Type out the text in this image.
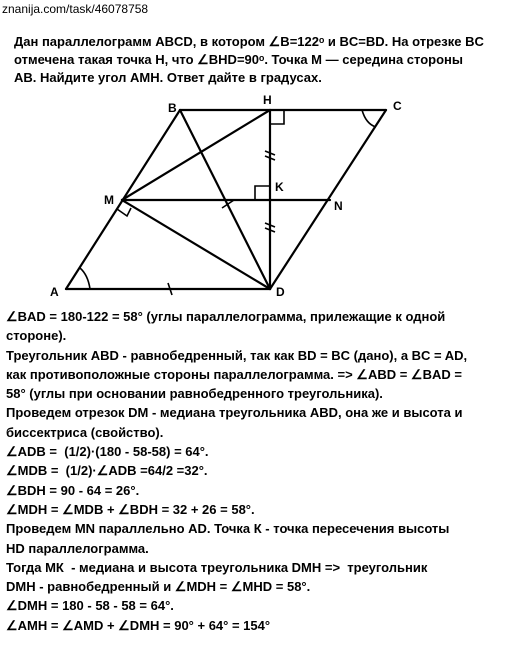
znanija.com/task/46078758
Дан параллелограмм ABCD, в котором ∠B=122ᵒ и BC=BD. На отрезке BC
отмечена такая точка H, что ∠BHD=90ᵒ. Точка M — середина стороны
AB. Найдите угол AMH. Ответ дайте в градусах.
A
B
H	C
M	N
K
D
∠BAD = 180-122 = 58° (углы параллелограмма, прилежащие к одной
стороне).
Треугольник ABD - равнобедренный, так как BD = BC (дано), а BC = AD,
как противоположные стороны параллелограмма. => ∠ABD = ∠BAD =
58° (углы при основании равнобедренного треугольника).
Проведем отрезок DM - медиана треугольника ABD, она же и высота и
биссектриса (свойство).
∠ADB =  (1/2)·(180 - 58-58) = 64°.
∠MDB =  (1/2)·∠ADB =64/2 =32°.
∠BDH = 90 - 64 = 26°.
∠MDH = ∠MDB + ∠BDH = 32 + 26 = 58°.
Проведем MN параллельно AD. Точка К - точка пересечения высоты
HD параллелограмма.
Тогда МК  - медиана и высота треугольника DMH =>  треугольник
DMH - равнобедренный и ∠MDH = ∠MHD = 58°.
∠DMH = 180 - 58 - 58 = 64°.
∠AMH = ∠AMD + ∠DMH = 90° + 64° = 154°
